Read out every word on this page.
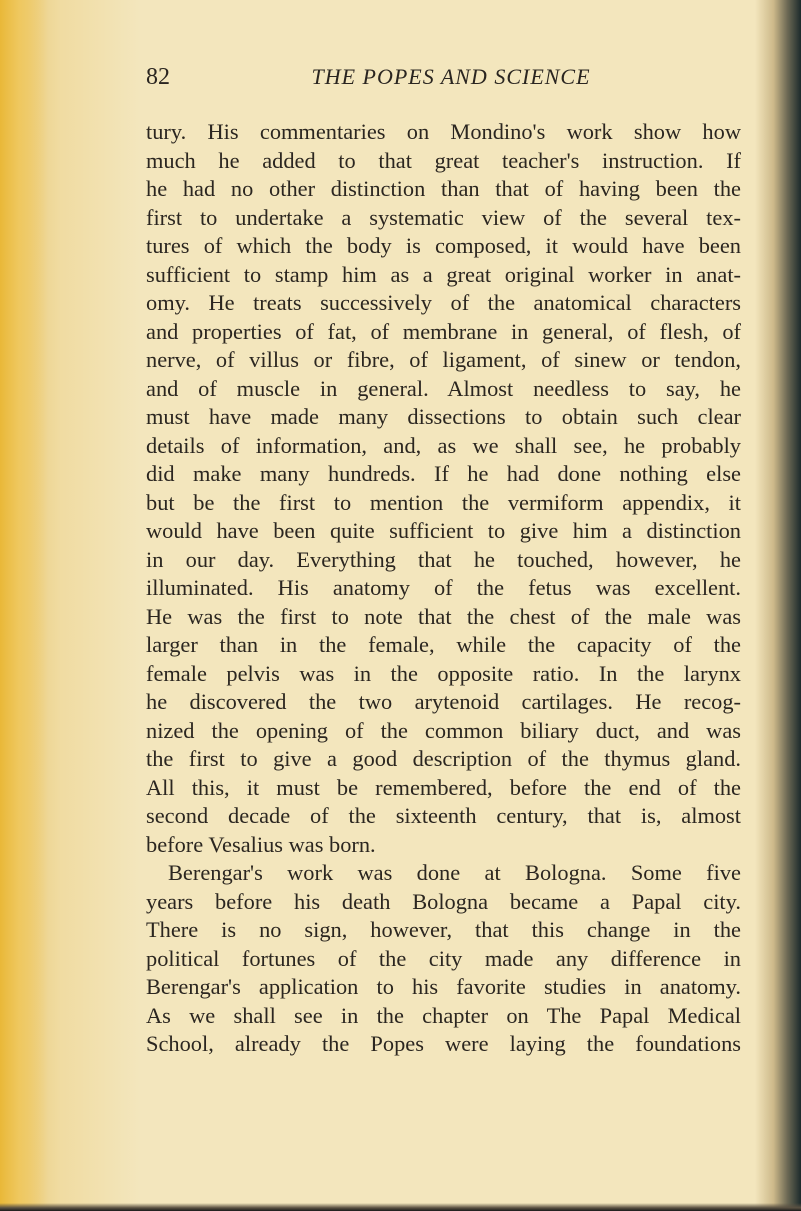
82	THE POPES AND SCIENCE
tury. His commentaries on Mondino's work show how
much he added to that great teacher's instruction. If
he had no other distinction than that of having been the
first to undertake a systematic view of the several tex-
tures of which the body is composed, it would have been
sufficient to stamp him as a great original worker in anat-
omy. He treats successively of the anatomical characters
and properties of fat, of membrane in general, of flesh, of
nerve, of villus or fibre, of ligament, of sinew or tendon,
and of muscle in general. Almost needless to say, he
must have made many dissections to obtain such clear
details of information, and, as we shall see, he probably
did make many hundreds. If he had done nothing else
but be the first to mention the vermiform appendix, it
would have been quite sufficient to give him a distinction
in our day. Everything that he touched, however, he
illuminated. His anatomy of the fetus was excellent.
He was the first to note that the chest of the male was
larger than in the female, while the capacity of the
female pelvis was in the opposite ratio. In the larynx
he discovered the two arytenoid cartilages. He recog-
nized the opening of the common biliary duct, and was
the first to give a good description of the thymus gland.
All this, it must be remembered, before the end of the
second decade of the sixteenth century, that is, almost
before Vesalius was born.
Berengar's work was done at Bologna. Some five
years before his death Bologna became a Papal city.
There is no sign, however, that this change in the
political fortunes of the city made any difference in
Berengar's application to his favorite studies in anatomy.
As we shall see in the chapter on The Papal Medical
School, already the Popes were laying the foundations
